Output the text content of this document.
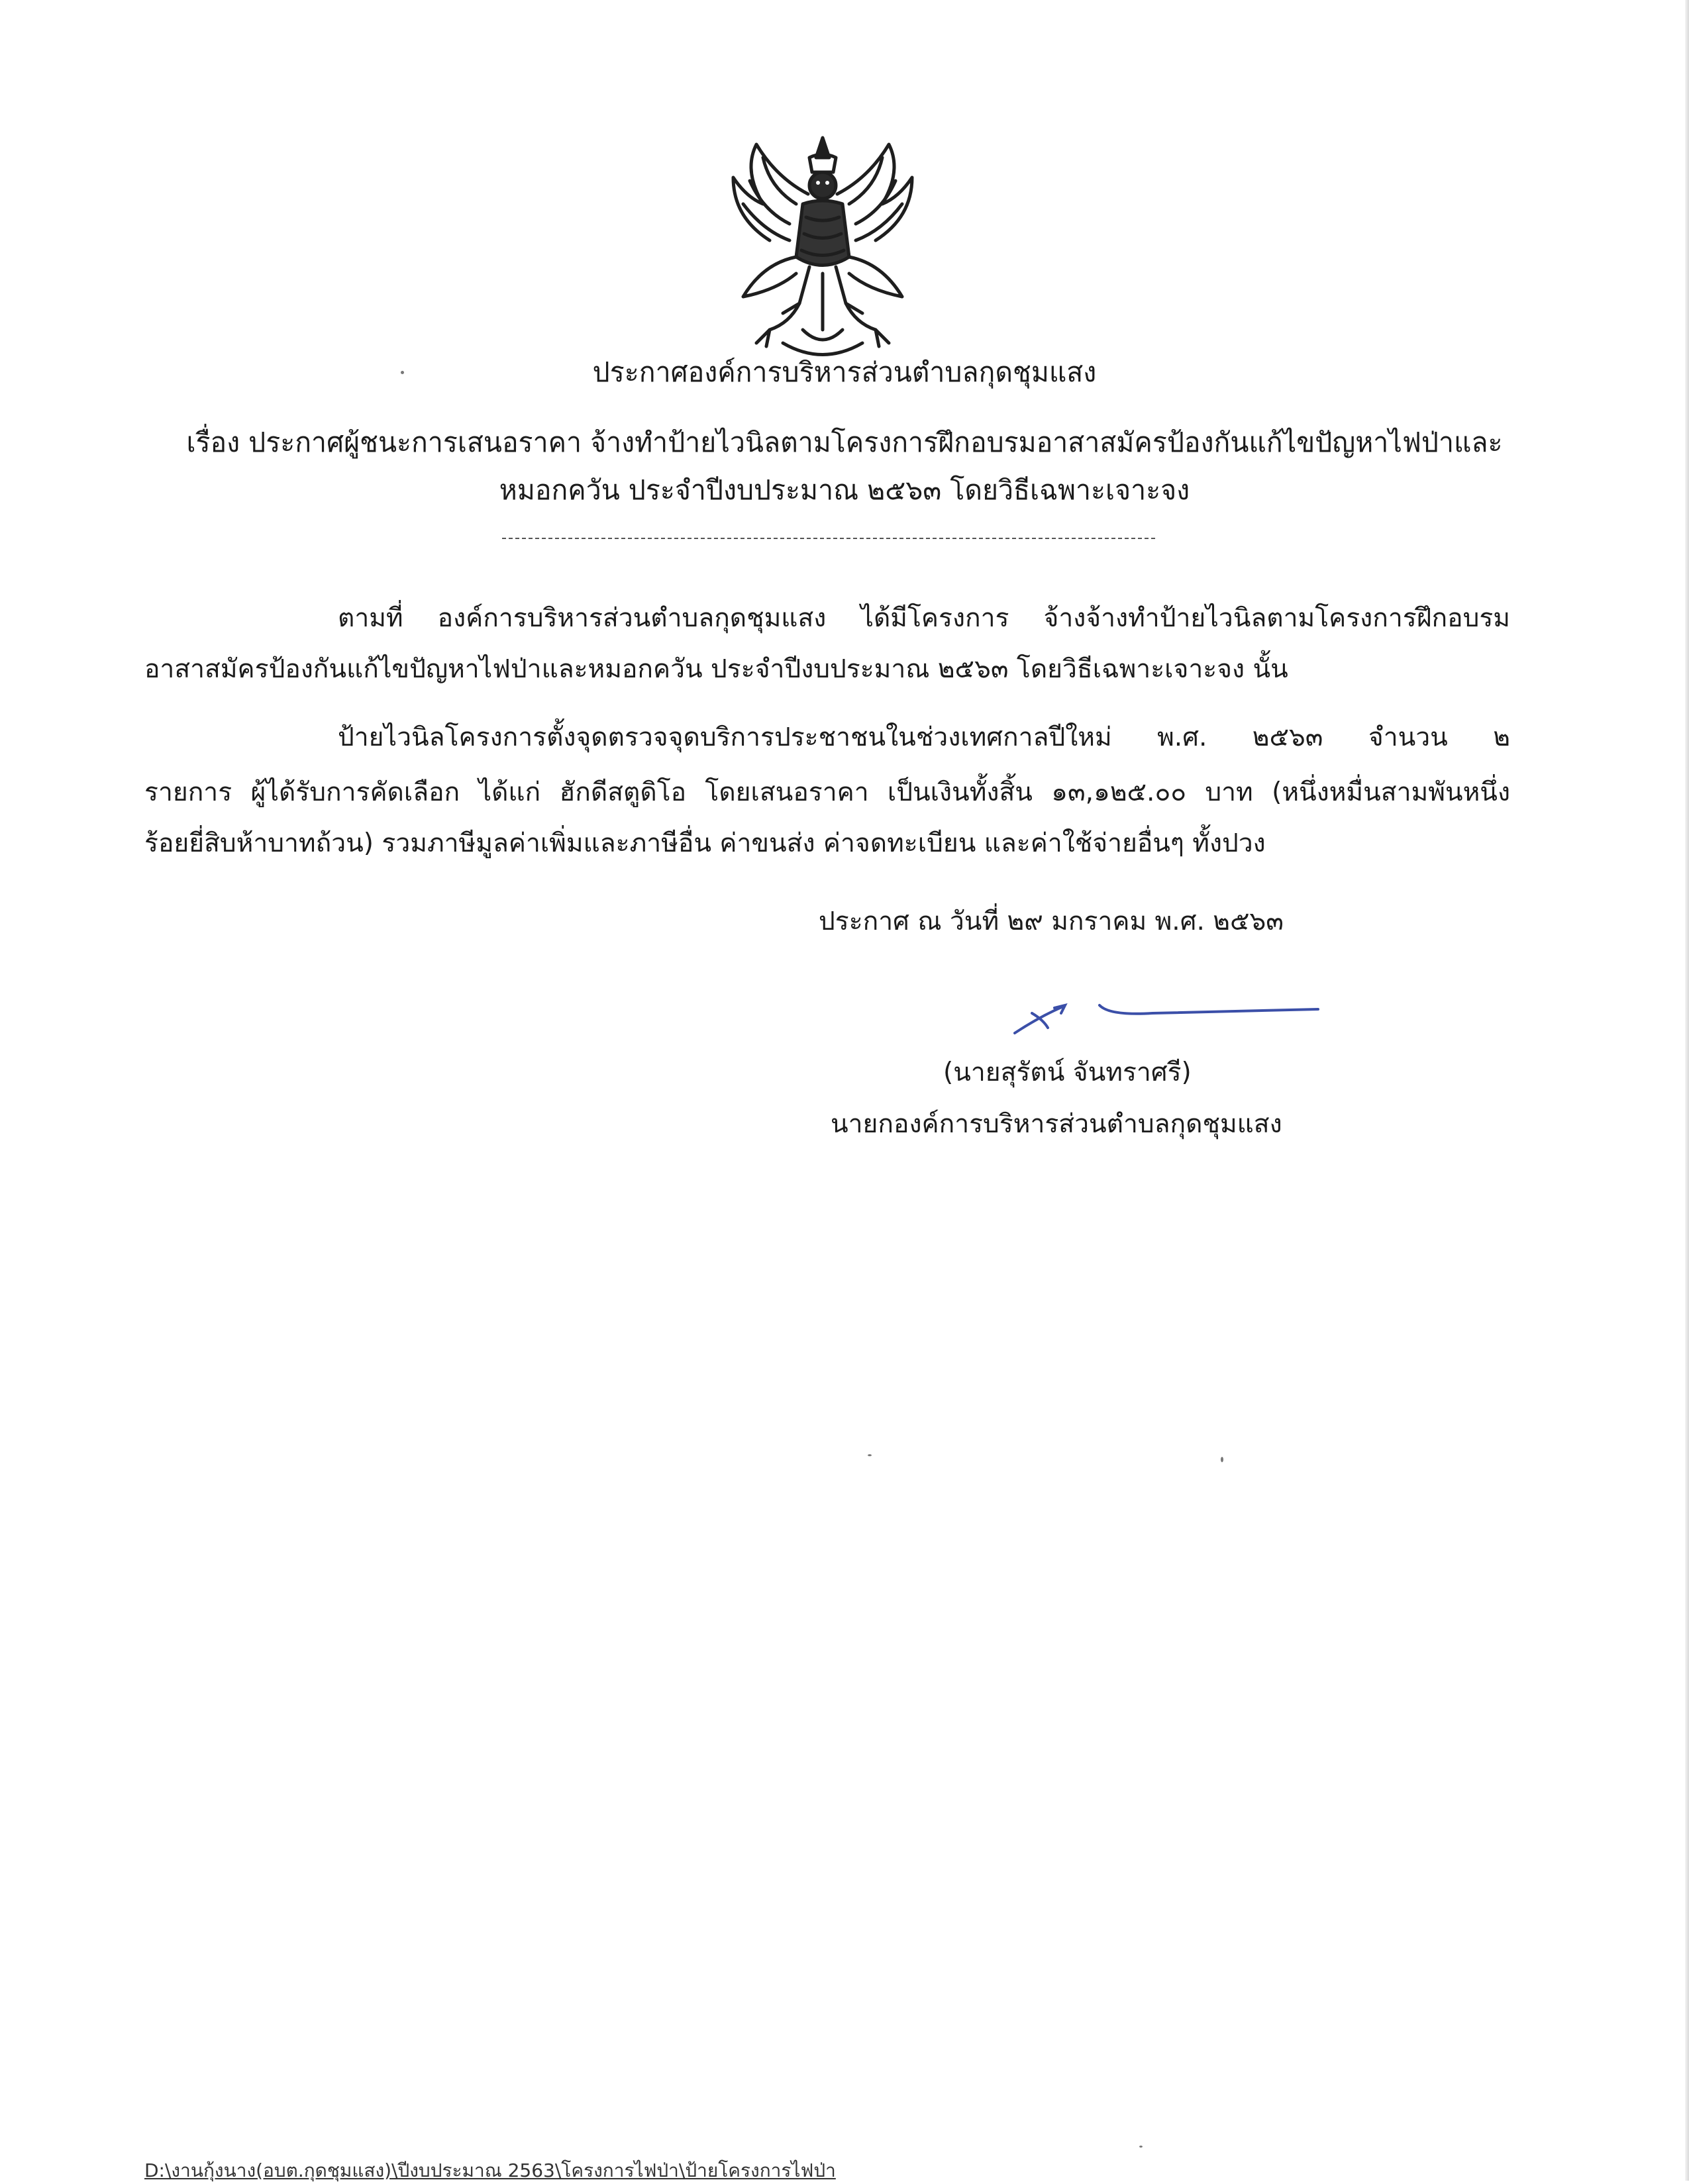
ประกาศองค์การบริหารส่วนตำบลกุดชุมแสง
เรื่อง ประกาศผู้ชนะการเสนอราคา จ้างทำป้ายไวนิลตามโครงการฝึกอบรมอาสาสมัครป้องกันแก้ไขปัญหาไฟป่าและ
หมอกควัน ประจำปีงบประมาณ ๒๕๖๓ โดยวิธีเฉพาะเจาะจง
ตามที่ องค์การบริหารส่วนตำบลกุดชุมแสง ได้มีโครงการ จ้างจ้างทำป้ายไวนิลตามโครงการฝึกอบรม
อาสาสมัครป้องกันแก้ไขปัญหาไฟป่าและหมอกควัน ประจำปีงบประมาณ ๒๕๖๓ โดยวิธีเฉพาะเจาะจง นั้น
ป้ายไวนิลโครงการตั้งจุดตรวจจุดบริการประชาชนในช่วงเทศกาลปีใหม่ พ.ศ. ๒๕๖๓ จำนวน ๒
รายการ ผู้ได้รับการคัดเลือก ได้แก่ ฮักดีสตูดิโอ โดยเสนอราคา เป็นเงินทั้งสิ้น ๑๓,๑๒๕.๐๐ บาท (หนึ่งหมื่นสามพันหนึ่ง
ร้อยยี่สิบห้าบาทถ้วน) รวมภาษีมูลค่าเพิ่มและภาษีอื่น ค่าขนส่ง ค่าจดทะเบียน และค่าใช้จ่ายอื่นๆ ทั้งปวง
ประกาศ ณ วันที่ ๒๙ มกราคม พ.ศ. ๒๕๖๓
(นายสุรัตน์ จันทราศรี)
นายกองค์การบริหารส่วนตำบลกุดชุมแสง
D:\งานกุ้งนาง(อบต.กุดชุมแสง)\ปีงบประมาณ 2563\โครงการไฟป่า\ป้ายโครงการไฟป่า
